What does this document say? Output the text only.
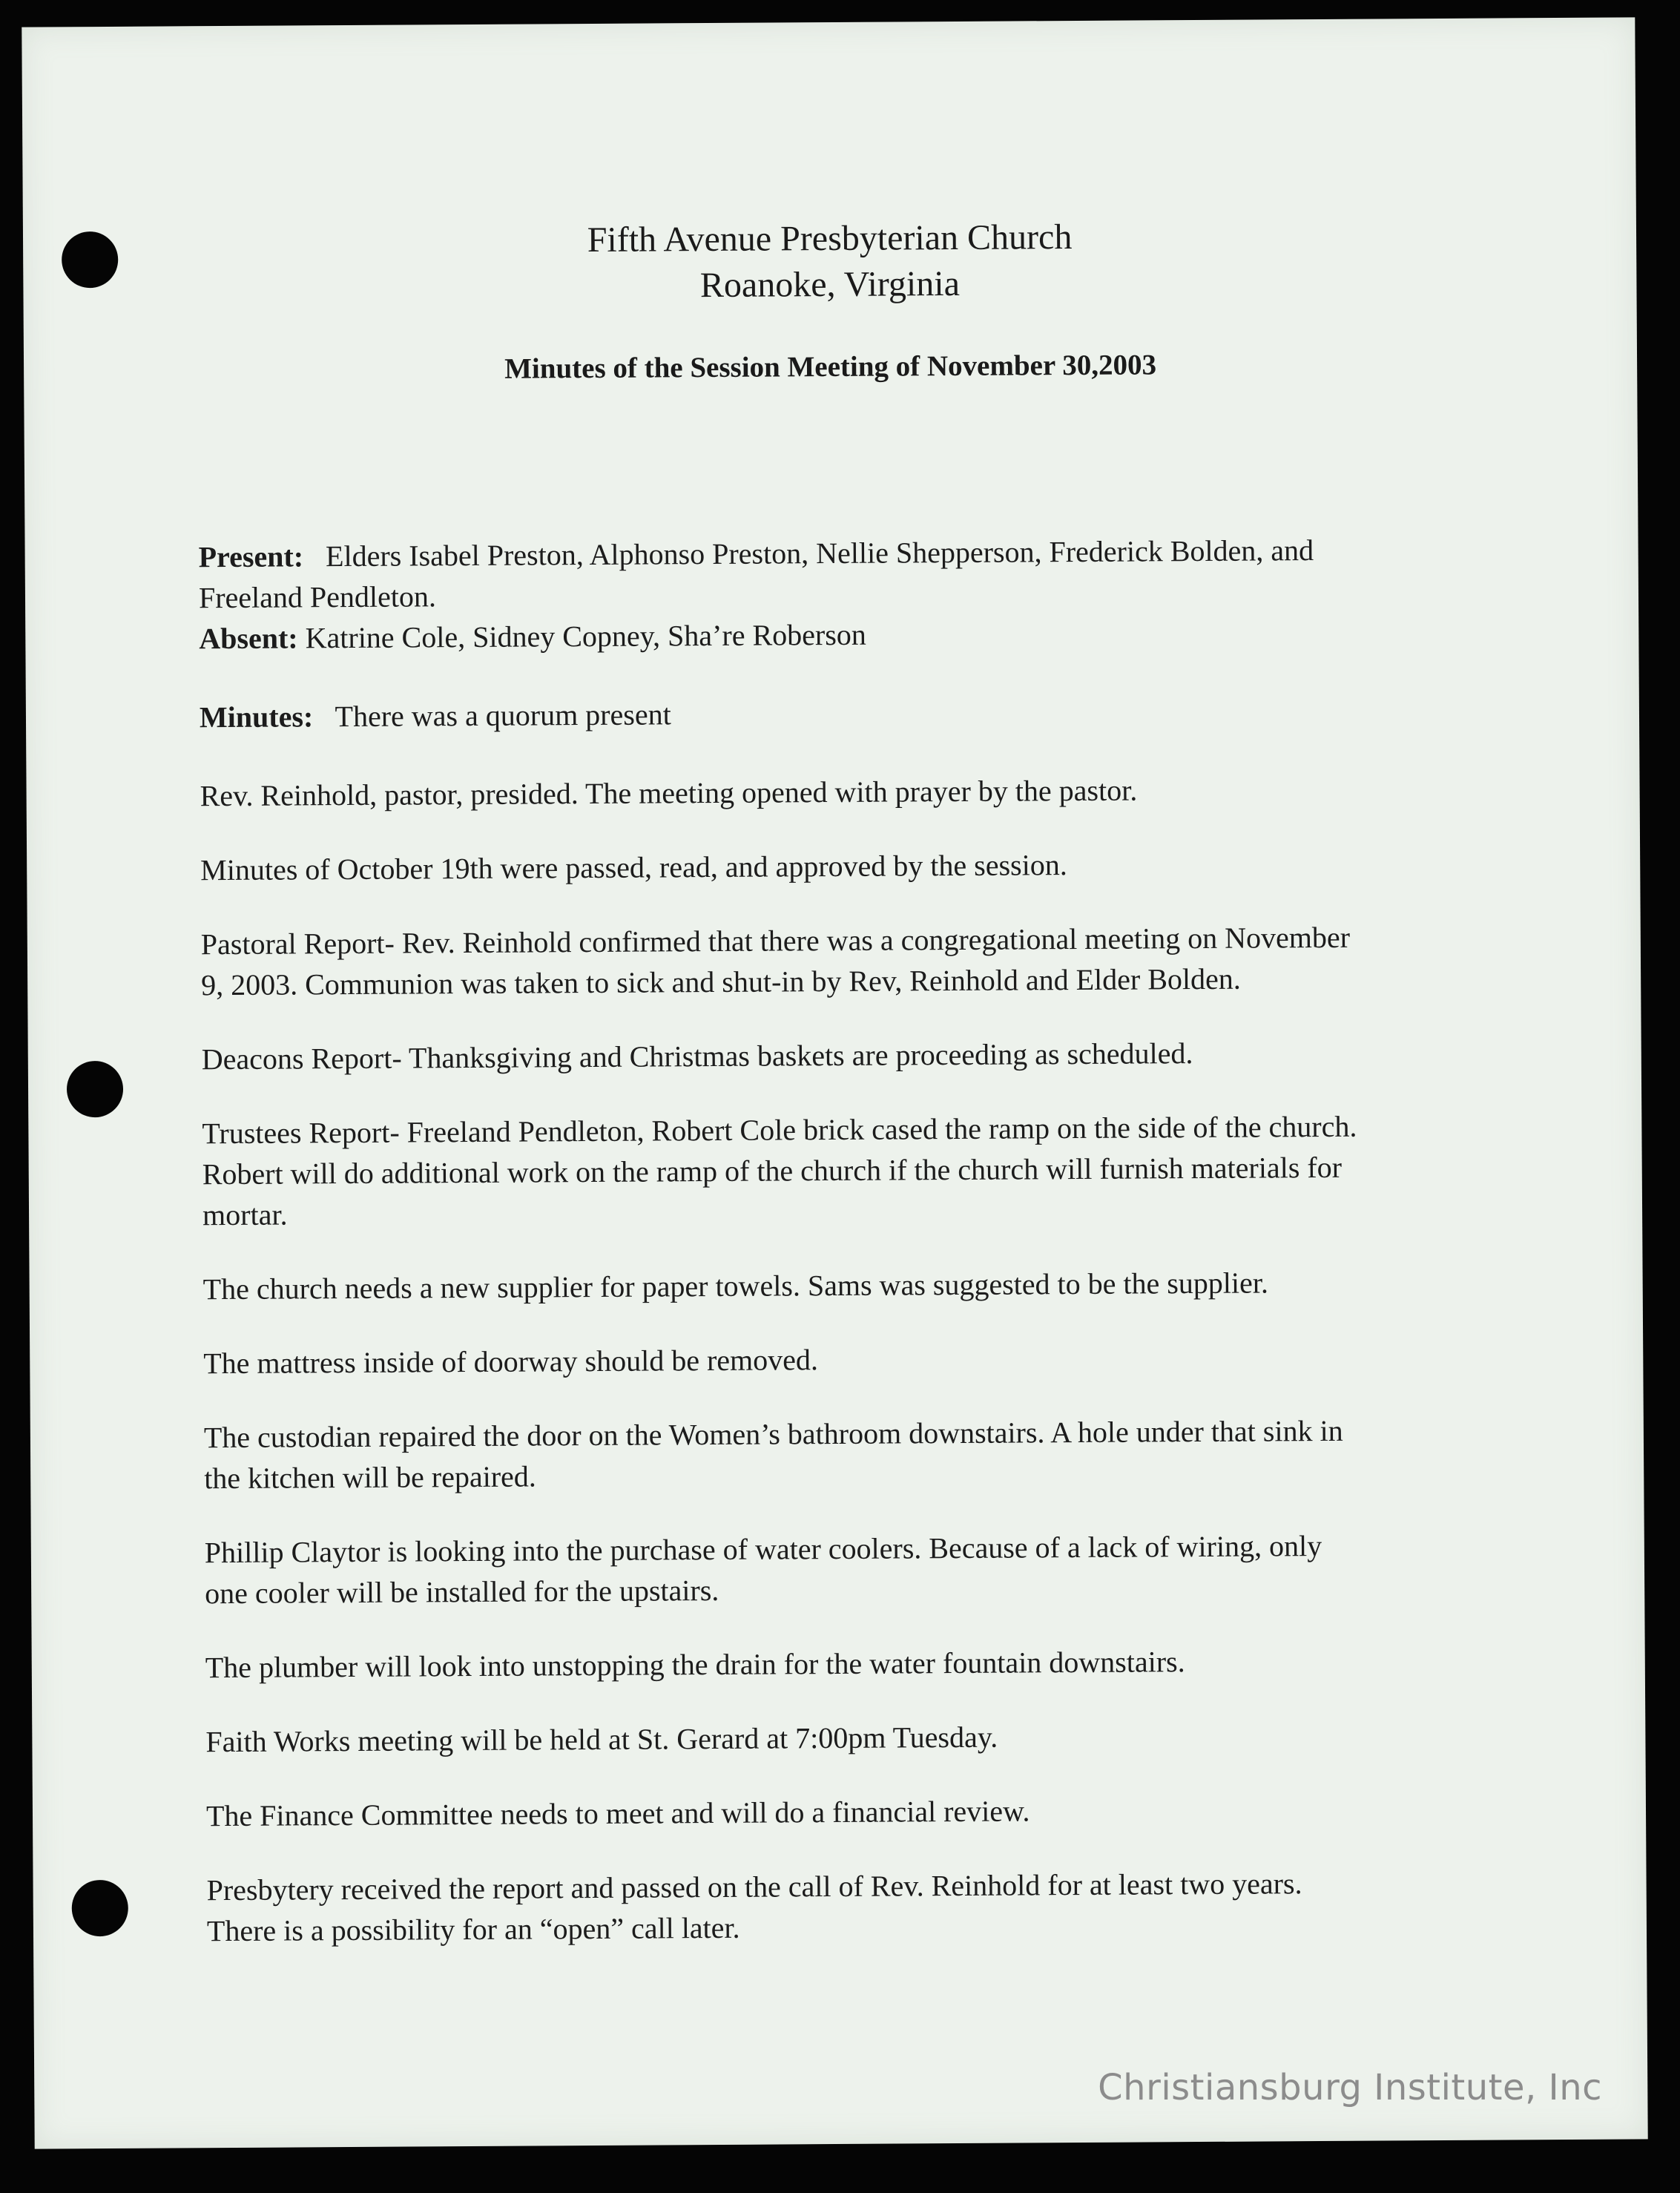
Fifth Avenue Presbyterian Church
Roanoke, Virginia
Minutes of the Session Meeting of November 30,2003
Present: Elders Isabel Preston, Alphonso Preston, Nellie Shepperson, Frederick Bolden, and
Freeland Pendleton.
Absent: Katrine Cole, Sidney Copney, Sha’re Roberson
Minutes: There was a quorum present
Rev. Reinhold, pastor, presided. The meeting opened with prayer by the pastor.
Minutes of October 19th were passed, read, and approved by the session.
Pastoral Report- Rev. Reinhold confirmed that there was a congregational meeting on November
9, 2003. Communion was taken to sick and shut-in by Rev, Reinhold and Elder Bolden.
Deacons Report- Thanksgiving and Christmas baskets are proceeding as scheduled.
Trustees Report- Freeland Pendleton, Robert Cole brick cased the ramp on the side of the church.
Robert will do additional work on the ramp of the church if the church will furnish materials for
mortar.
The church needs a new supplier for paper towels. Sams was suggested to be the supplier.
The mattress inside of doorway should be removed.
The custodian repaired the door on the Women’s bathroom downstairs. A hole under that sink in
the kitchen will be repaired.
Phillip Claytor is looking into the purchase of water coolers. Because of a lack of wiring, only
one cooler will be installed for the upstairs.
The plumber will look into unstopping the drain for the water fountain downstairs.
Faith Works meeting will be held at St. Gerard at 7:00pm Tuesday.
The Finance Committee needs to meet and will do a financial review.
Presbytery received the report and passed on the call of Rev. Reinhold for at least two years.
There is a possibility for an “open” call later.
Christiansburg Institute, Inc
